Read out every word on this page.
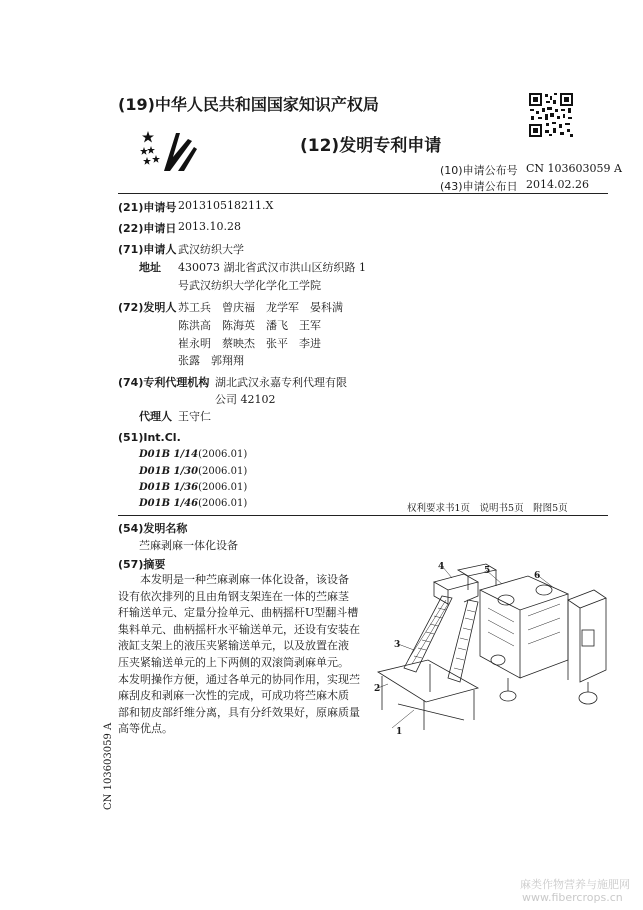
(19)中华人民共和国国家知识产权局
(12)发明专利申请
(10)申请公布号 CN 103603059 A
(43)申请公布日 2014.02.26
(21)申请号 201310518211.X
(22)申请日 2013.10.28
(71)申请人 武汉纺织大学
地址 430073 湖北省武汉市洪山区纺织路 1
号武汉纺织大学化学化工学院
(72)发明人 苏工兵　曾庆福　龙学军　晏科满
陈洪高　陈海英　潘飞　王军
崔永明　蔡映杰　张平　李进
张露　郭翔翔
(74)专利代理机构 湖北武汉永嘉专利代理有限
公司 42102
代理人 王守仁
(51)Int.Cl.
D01B 1/14(2006.01)
D01B 1/30(2006.01)
D01B 1/36(2006.01)
D01B 1/46(2006.01)	权利要求书1页　说明书5页　附图5页
(54)发明名称
苎麻剥麻一体化设备
(57)摘要
本发明是一种苎麻剥麻一体化设备，该设备
设有依次排列的且由角钢支架连在一体的苎麻茎
秆输送单元、定量分捡单元、曲柄摇杆U型翻斗槽
集料单元、曲柄摇杆水平输送单元，还设有安装在
液缸支架上的液压夹紧输送单元，以及放置在液
压夹紧输送单元的上下两侧的双滚筒剥麻单元。
本发明操作方便，通过各单元的协同作用，实现苎
麻刮皮和剥麻一次性的完成，可成功将苎麻木质
部和韧皮部纤维分离，具有分纤效果好，原麻质量
高等优点。	1
2
3
4	5	6
CN 103603059 A
麻类作物营养与施肥网
www.fibercrops.cn
